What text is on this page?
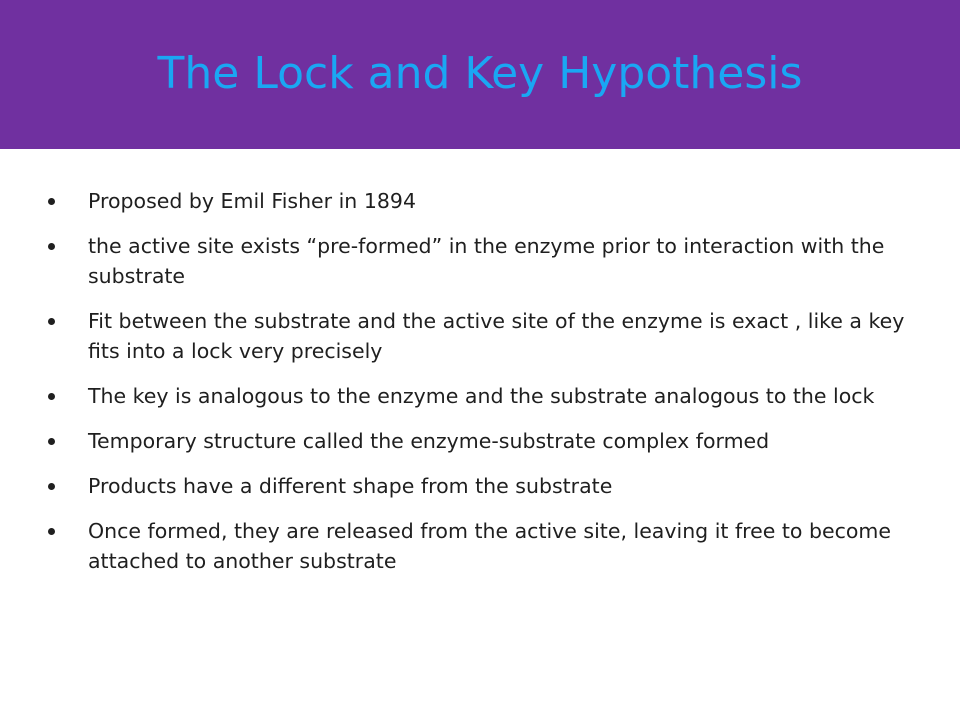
The Lock and Key Hypothesis
Proposed by Emil Fisher in 1894
the active site exists “pre-formed” in the enzyme prior to interaction with the substrate
Fit between the substrate and the active site of the enzyme is exact , like a key fits into a lock very precisely
The key is analogous to the enzyme and the substrate analogous to the lock
Temporary structure called the enzyme-substrate complex formed
Products have a different shape from the substrate
Once formed, they are released from the active site, leaving it free to become attached to another substrate
